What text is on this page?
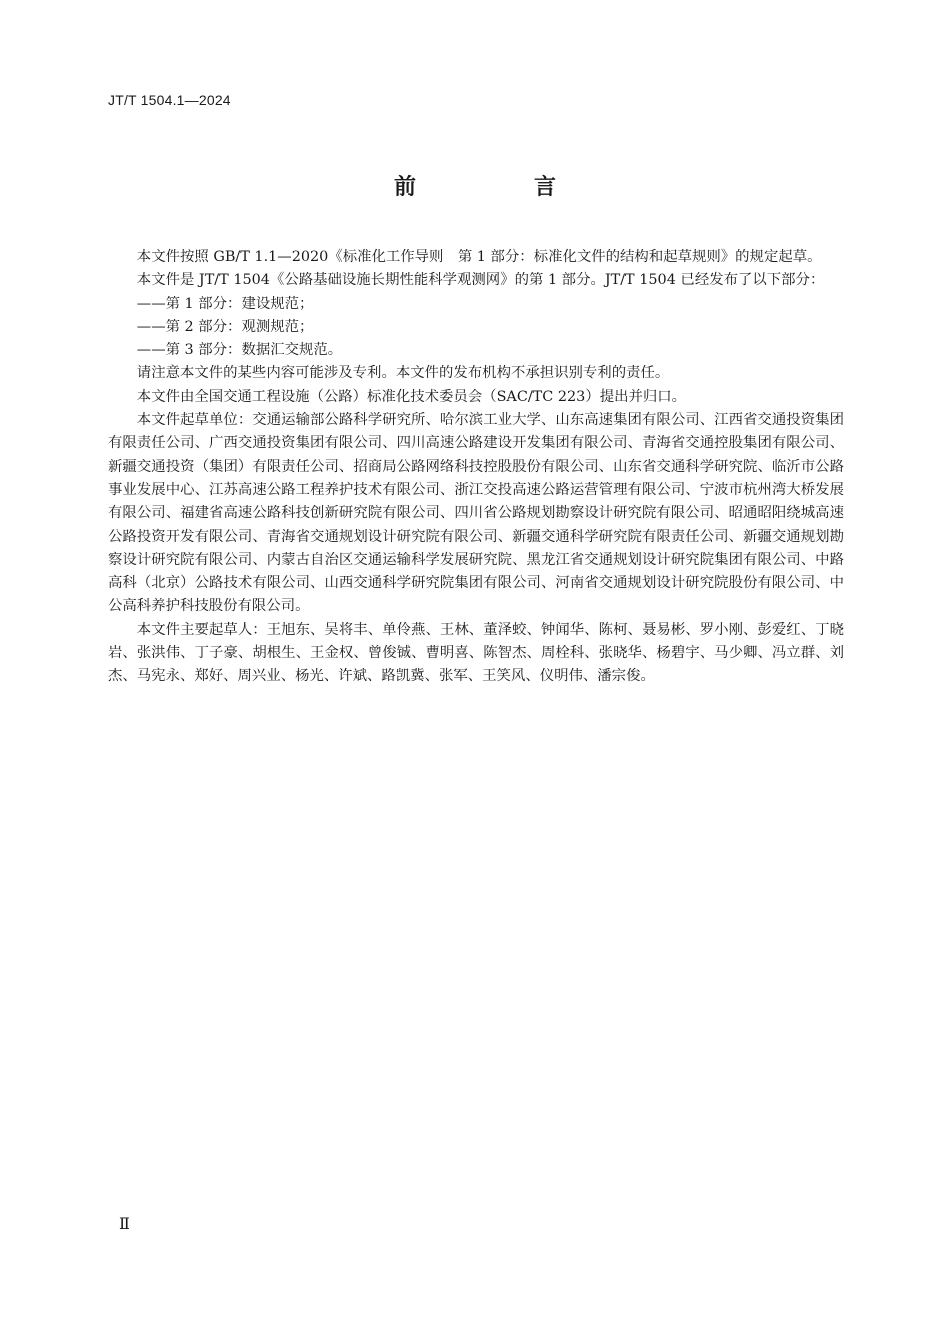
JT/T 1504.1—2024
前　言

本文件按照 GB/T 1.1—2020《标准化工作导则　第 1 部分：标准化文件的结构和起草规则》的规定起草。

本文件是 JT/T 1504《公路基础设施长期性能科学观测网》的第 1 部分。JT/T 1504 已经发布了以下部分：

——第 1 部分：建设规范；

——第 2 部分：观测规范；

——第 3 部分：数据汇交规范。

请注意本文件的某些内容可能涉及专利。本文件的发布机构不承担识别专利的责任。

本文件由全国交通工程设施（公路）标准化技术委员会（SAC/TC 223）提出并归口。

本文件起草单位：交通运输部公路科学研究所、哈尔滨工业大学、山东高速集团有限公司、江西省交通投资集团有限责任公司、广西交通投资集团有限公司、四川高速公路建设开发集团有限公司、青海省交通控股集团有限公司、新疆交通投资（集团）有限责任公司、招商局公路网络科技控股股份有限公司、山东省交通科学研究院、临沂市公路事业发展中心、江苏高速公路工程养护技术有限公司、浙江交投高速公路运营管理有限公司、宁波市杭州湾大桥发展有限公司、福建省高速公路科技创新研究院有限公司、四川省公路规划勘察设计研究院有限公司、昭通昭阳绕城高速公路投资开发有限公司、青海省交通规划设计研究院有限公司、新疆交通科学研究院有限责任公司、新疆交通规划勘察设计研究院有限公司、内蒙古自治区交通运输科学发展研究院、黑龙江省交通规划设计研究院集团有限公司、中路高科（北京）公路技术有限公司、山西交通科学研究院集团有限公司、河南省交通规划设计研究院股份有限公司、中公高科养护科技股份有限公司。

本文件主要起草人：王旭东、吴将丰、单伶燕、王林、董泽蛟、钟闻华、陈柯、聂易彬、罗小刚、彭爱红、丁晓岩、张洪伟、丁子豪、胡根生、王金权、曾俊铖、曹明喜、陈智杰、周栓科、张晓华、杨碧宇、马少卿、冯立群、刘杰、马宪永、郑好、周兴业、杨光、许斌、路凯冀、张军、王笑风、仪明伟、潘宗俊。

Ⅱ
